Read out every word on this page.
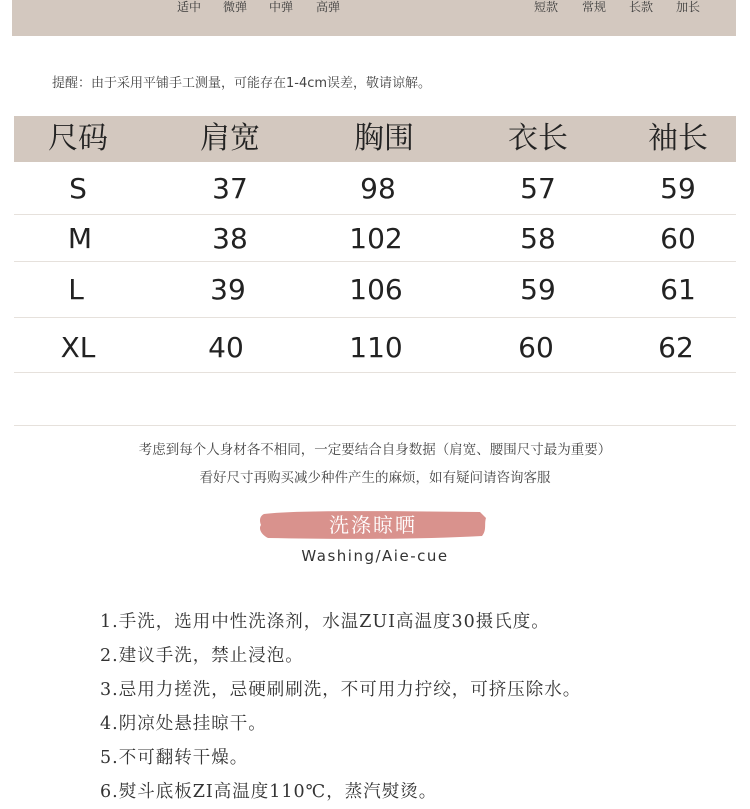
适中 微弹 中弹 高弹	短款 常规 长款 加长
提醒：由于采用平铺手工测量，可能存在1-4cm误差，敬请谅解。
尺码	肩宽	胸围	衣长	袖长
S	37	98	57	59
M	38	102	58	60
L	39	106	59	61
XL	40	110	60	62
考虑到每个人身材各不相同，一定要结合自身数据（肩宽、腰围尺寸最为重要）
看好尺寸再购买减少种件产生的麻烦，如有疑问请咨询客服
洗涤晾晒
Washing/Aie-cue
1.手洗，选用中性洗涤剂，水温ZUI高温度30摄氏度。
2.建议手洗，禁止浸泡。
3.忌用力搓洗，忌硬刷刷洗，不可用力拧绞，可挤压除水。
4.阴凉处悬挂晾干。
5.不可翻转干燥。
6.熨斗底板ZI高温度110℃，蒸汽熨烫。
